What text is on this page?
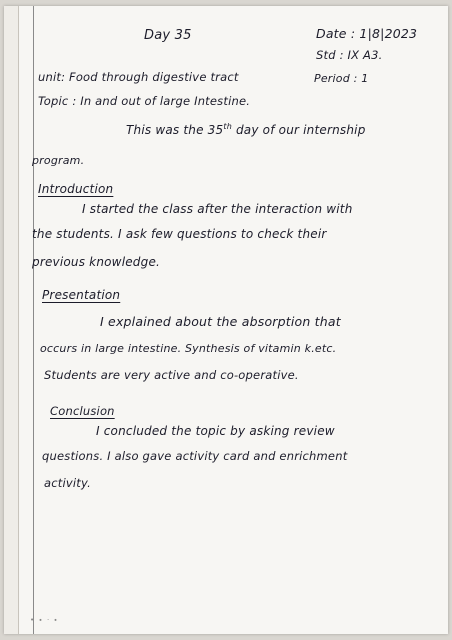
Day 35	Date : 1|8|2023
Std : IX A3.
unit: Food through digestive tract	Period : 1
Topic : In and out of large Intestine.
This was the 35th day of our internship
program.
Introduction
I started the class after the interaction with
the students. I ask few questions to check their
previous knowledge.
Presentation
I explained about the absorption that
occurs in large intestine. Synthesis of vitamin k.etc.
Students are very active and co-operative.
Conclusion
I concluded the topic by asking review
questions. I also gave activity card and enrichment
activity.
• ∙ ‧ ∙
